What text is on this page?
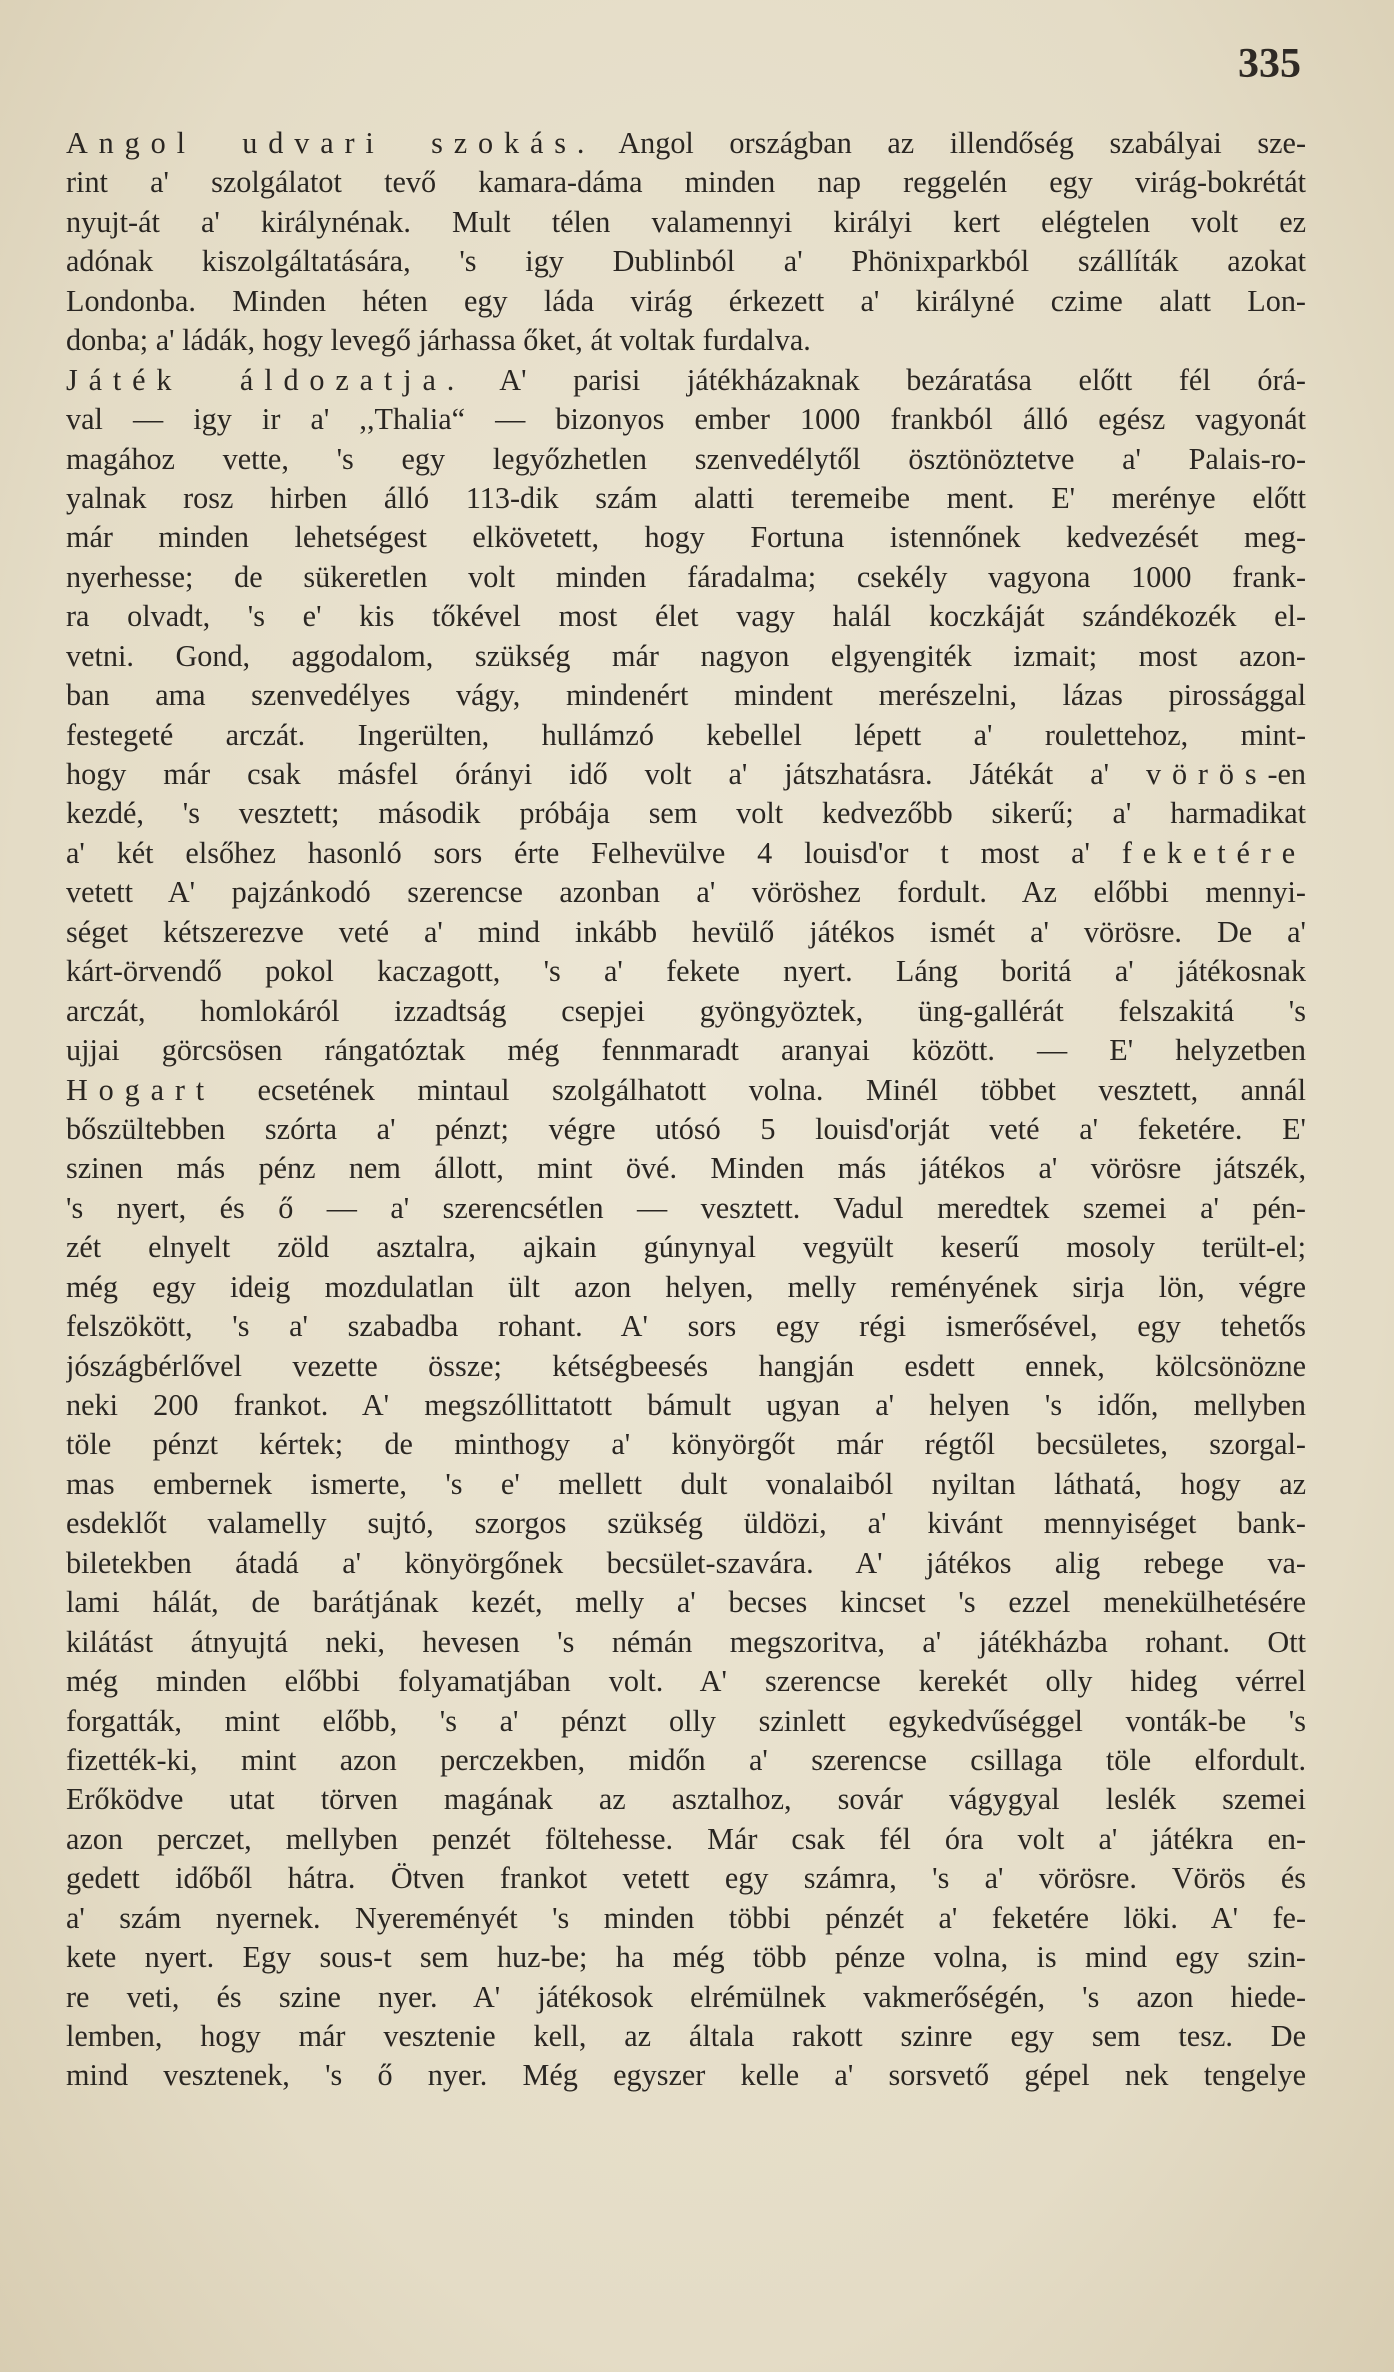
335
Angol udvari szokás. Angol országban az illendőség szabályai sze-
rint a' szolgálatot tevő kamara-dáma minden nap reggelén egy virág-bokrétát
nyujt-át a' királynénak. Mult télen valamennyi királyi kert elégtelen volt ez
adónak kiszolgáltatására, 's igy Dublinból a' Phönixparkból szállíták azokat
Londonba. Minden héten egy láda virág érkezett a' királyné czime alatt Lon-
donba; a' ládák, hogy levegő járhassa őket, át voltak furdalva.
Játék áldozatja. A' parisi játékházaknak bezáratása előtt fél órá-
val — igy ir a' ,,Thalia“ — bizonyos ember 1000 frankból álló egész vagyonát
magához vette, 's egy legyőzhetlen szenvedélytől ösztönöztetve a' Palais-ro-
yalnak rosz hirben álló 113-dik szám alatti teremeibe ment. E' merénye előtt
már minden lehetségest elkövetett, hogy Fortuna istennőnek kedvezését meg-
nyerhesse; de sükeretlen volt minden fáradalma; csekély vagyona 1000 frank-
ra olvadt, 's e' kis tőkével most élet vagy halál koczkáját szándékozék el-
vetni. Gond, aggodalom, szükség már nagyon elgyengiték izmait; most azon-
ban ama szenvedélyes vágy, mindenért mindent merészelni, lázas pirossággal
festegeté arczát. Ingerülten, hullámzó kebellel lépett a' roulettehoz, mint-
hogy már csak másfel órányi idő volt a' játszhatásra. Játékát a' vörös-en
kezdé, 's vesztett; második próbája sem volt kedvezőbb sikerű; a' harmadikat
a' két elsőhez hasonló sors érte Felhevülve 4 louisd'or t most a' feketére
vetett A' pajzánkodó szerencse azonban a' vöröshez fordult. Az előbbi mennyi-
séget kétszerezve veté a' mind inkább hevülő játékos ismét a' vörösre. De a'
kárt-örvendő pokol kaczagott, 's a' fekete nyert. Láng boritá a' játékosnak
arczát, homlokáról izzadtság csepjei gyöngyöztek, üng-gallérát felszakitá 's
ujjai görcsösen rángatóztak még fennmaradt aranyai között. — E' helyzetben
Hogart ecsetének mintaul szolgálhatott volna. Minél többet vesztett, annál
bőszültebben szórta a' pénzt; végre utósó 5 louisd'orját veté a' feketére. E'
szinen más pénz nem állott, mint övé. Minden más játékos a' vörösre játszék,
's nyert, és ő — a' szerencsétlen — vesztett. Vadul meredtek szemei a' pén-
zét elnyelt zöld asztalra, ajkain gúnynyal vegyült keserű mosoly terült-el;
még egy ideig mozdulatlan ült azon helyen, melly reményének sirja lön, végre
felszökött, 's a' szabadba rohant. A' sors egy régi ismerősével, egy tehetős
jószágbérlővel vezette össze; kétségbeesés hangján esdett ennek, kölcsönözne
neki 200 frankot. A' megszóllittatott bámult ugyan a' helyen 's időn, mellyben
töle pénzt kértek; de minthogy a' könyörgőt már régtől becsületes, szorgal-
mas embernek ismerte, 's e' mellett dult vonalaiból nyiltan láthatá, hogy az
esdeklőt valamelly sujtó, szorgos szükség üldözi, a' kivánt mennyiséget bank-
biletekben átadá a' könyörgőnek becsület-szavára. A' játékos alig rebege va-
lami hálát, de barátjának kezét, melly a' becses kincset 's ezzel menekülhetésére
kilátást átnyujtá neki, hevesen 's némán megszoritva, a' játékházba rohant. Ott
még minden előbbi folyamatjában volt. A' szerencse kerekét olly hideg vérrel
forgatták, mint előbb, 's a' pénzt olly szinlett egykedvűséggel vonták-be 's
fizették-ki, mint azon perczekben, midőn a' szerencse csillaga töle elfordult.
Erőködve utat törven magának az asztalhoz, sovár vágygyal leslék szemei
azon perczet, mellyben penzét föltehesse. Már csak fél óra volt a' játékra en-
gedett időből hátra. Ötven frankot vetett egy számra, 's a' vörösre. Vörös és
a' szám nyernek. Nyereményét 's minden többi pénzét a' feketére löki. A' fe-
kete nyert. Egy sous-t sem huz-be; ha még több pénze volna, is mind egy szin-
re veti, és szine nyer. A' játékosok elrémülnek vakmerőségén, 's azon hiede-
lemben, hogy már vesztenie kell, az általa rakott szinre egy sem tesz. De
mind vesztenek, 's ő nyer. Még egyszer kelle a' sorsvető gépel nek tengelye
